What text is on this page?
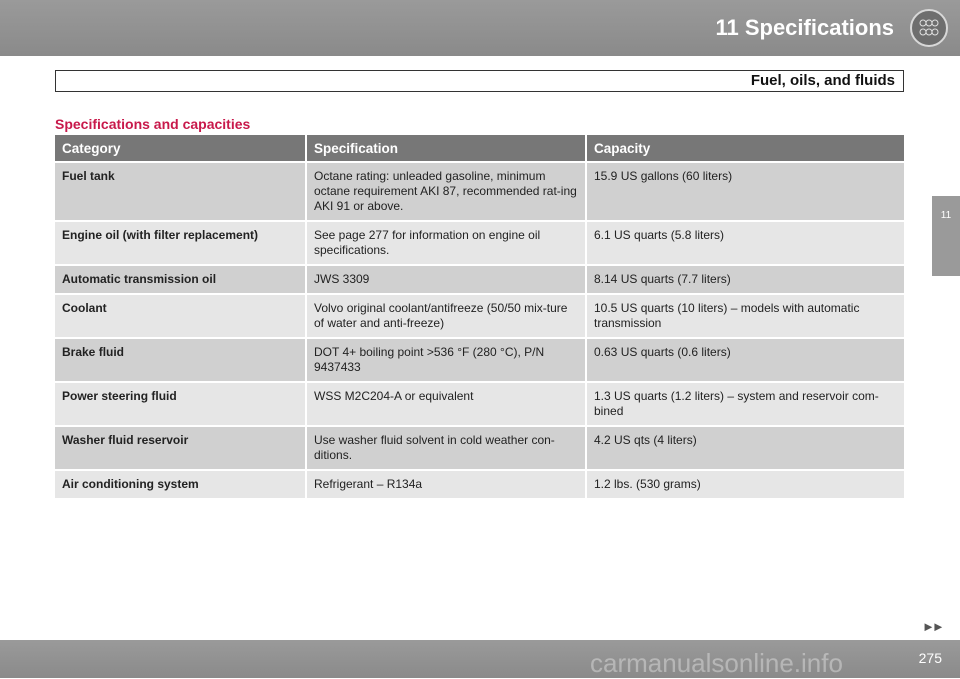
11 Specifications
Fuel, oils, and fluids
11
Specifications and capacities
Category	Specification	Capacity
Fuel tank	Octane rating: unleaded gasoline, minimum octane requirement AKI 87, recommended rat-ing AKI 91 or above.	15.9 US gallons (60 liters)
Engine oil (with filter replacement)	See page 277 for information on engine oil specifications.	6.1 US quarts (5.8 liters)
Automatic transmission oil	JWS 3309	8.14 US quarts (7.7 liters)
Coolant	Volvo original coolant/antifreeze (50/50 mix-ture of water and anti-freeze)	10.5 US quarts (10 liters) – models with automatic transmission
Brake fluid	DOT 4+ boiling point >536 °F (280 °C), P/N 9437433	0.63 US quarts (0.6 liters)
Power steering fluid	WSS M2C204-A or equivalent	1.3 US quarts (1.2 liters) – system and reservoir com-bined
Washer fluid reservoir	Use washer fluid solvent in cold weather con-ditions.	4.2 US qts (4 liters)
Air conditioning system	Refrigerant – R134a	1.2 lbs. (530 grams)
►►
275
carmanualsonline.info
